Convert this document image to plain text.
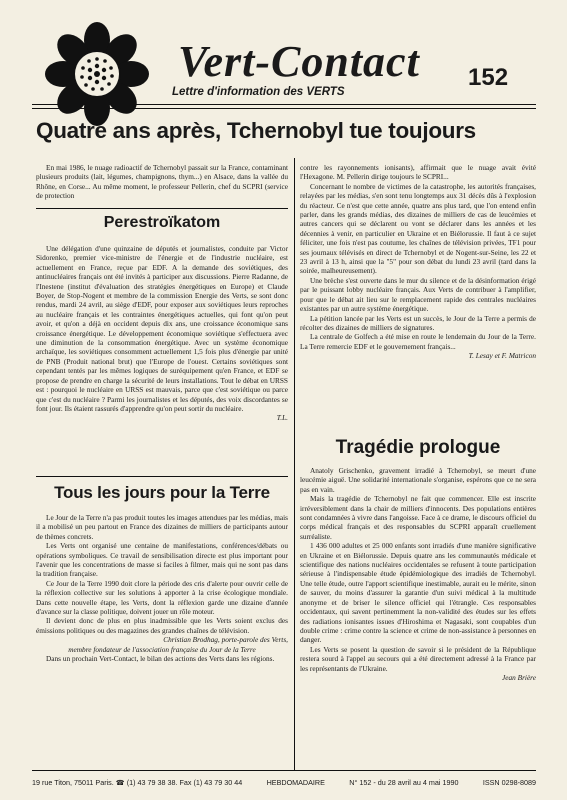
Vert-Contact
Lettre d'information des VERTS
152
Quatre ans après, Tchernobyl tue toujours

En mai 1986, le nuage radioactif de Tchernobyl passait sur la France, contaminant plusieurs produits (lait, légumes, champignons, thym...) en Alsace, dans la vallée du Rhône, en Corse... Au même moment, le professeur Pellerin, chef du SCPRI (service de protection

Perestroïkatom

Une délégation d'une quinzaine de députés et journalistes, conduite par Victor Sidorenko, premier vice-ministre de l'énergie et de l'industrie nucléaire, est actuellement en France, reçue par EDF. A la demande des soviétiques, des antinucléaires français ont été invités à participer aux discussions. Pierre Radanne, de l'Inestene (institut d'évaluation des stratégies énergétiques en Europe) et Claude Boyer, de Stop-Nogent et membre de la commission Energie des Verts, se sont donc rendus, mardi 24 avril, au siège d'EDF, pour exposer aux soviétiques leurs reproches au nucléaire français et les contraintes énergétiques actuelles, qui font qu'on peut avoir, et qu'on a déjà en occident depuis dix ans, une croissance économique sans croissance énergétique. Le développement économique soviétique s'effectuera avec une diminution de la consommation énergétique. Avec un système économique archaïque, les soviétiques consomment actuellement 1,5 fois plus d'énergie par unité de PNB (Produit national brut) que l'Europe de l'ouest. Certains soviétiques sont cependant tentés par les mêmes logiques de suréquipement qu'en France, et EDF se propose de prendre en charge la sécurité de leurs installations. Tout le débat en URSS est : pourquoi le nucléaire en URSS est mauvais, parce que c'est soviétique ou parce que c'est du nucléaire ? Parmi les journalistes et les députés, des voix discordantes se font jour. Ils étaient rassurés d'apprendre qu'on peut sortir du nucléaire.

T.L.
Tous les jours pour la Terre

Le Jour de la Terre n'a pas produit toutes les images attendues par les médias, mais il a mobilisé un peu partout en France des dizaines de milliers de participants autour de thèmes concrets.

Les Verts ont organisé une centaine de manifestations, conférences/débats ou opérations symboliques. Ce travail de sensibilisation directe est plus important pour l'avenir que les concentrations de masse si faciles à filmer, mais qui ne sont pas dans la tradition française.

Ce Jour de la Terre 1990 doit clore la période des cris d'alerte pour ouvrir celle de la réflexion collective sur les solutions à apporter à la crise écologique mondiale. Dans cette nouvelle étape, les Verts, dont la réflexion garde une dizaine d'année d'avance sur la classe politique, doivent jouer un rôle moteur.

Il devient donc de plus en plus inadmissible que les Verts soient exclus des émissions politiques ou des magazines des grandes chaînes de télévision.

Christian Brodhag, porte-parole des Verts,
membre fondateur de l'association française du Jour de la Terre

Dans un prochain Vert-Contact, le bilan des actions des Verts dans les régions.

contre les rayonnements ionisants), affirmait que le nuage avait évité l'Hexagone. M. Pellerin dirige toujours le SCPRI...

Concernant le nombre de victimes de la catastrophe, les autorités françaises, relayées par les médias, s'en sont tenu longtemps aux 31 décès dûs à l'explosion du réacteur. Ce n'est que cette année, quatre ans plus tard, que l'on entend enfin parler, dans les grands médias, des dizaines de milliers de cas de leucémies et autres cancers qui se déclarent ou vont se déclarer dans les années et les décennies à venir, en particulier en Ukraine et en Biélorussie. Il faut à ce sujet féliciter, une fois n'est pas coutume, les chaînes de télévision privées, TF1 pour ses journaux télévisés en direct de Tchernobyl et de Nogent-sur-Seine, les 22 et 23 avril à 13 h, ainsi que la "5" pour son débat du lundi 23 avril (tard dans la soirée, malheureusement).

Une brèche s'est ouverte dans le mur du silence et de la désinformation érigé par le puissant lobby nucléaire français. Aux Verts de contribuer à l'amplifier, pour que le débat ait lieu sur le remplacement rapide des centrales nucléaires existantes par un autre système énergétique.

La pétition lancée par les Verts est un succès, le Jour de la Terre a permis de récolter des dizaines de milliers de signatures.

La centrale de Golfech a été mise en route le lendemain du Jour de la Terre. La Terre remercie EDF et le gouvernement français...

T. Lesay et F. Matricon
Tragédie prologue

Anatoly Grischenko, gravement irradié à Tchernobyl, se meurt d'une leucémie aiguë. Une solidarité internationale s'organise, espérons que ce ne sera pas en vain.

Mais la tragédie de Tchernobyl ne fait que commencer. Elle est inscrite irréversiblement dans la chair de milliers d'innocents. Des populations entières sont condamnées à vivre dans l'angoisse. Face à ce drame, le discours officiel du corps médical français et des responsables du SCPRI apparaît cruellement surréaliste.

1 436 000 adultes et 25 000 enfants sont irradiés d'une manière significative en Ukraine et en Biélorussie. Depuis quatre ans les communautés médicale et scientifique des nations nucléaires occidentales se refusent à toute participation sérieuse à l'indispensable étude épidémiologique des irradiés de Tchernobyl. Une telle étude, outre l'apport scientifique inestimable, aurait eu le mérite, sinon de sauver, du moins d'assurer la garantie d'un suivi médical à la multitude anonyme et de briser le silence officiel qui l'étrangle. Ces responsables occidentaux, qui savent pertinemment la non-validité des études sur les effets des radiations ionisantes issues d'Hiroshima et Nagasaki, sont coupables d'un double crime : crime contre la science et crime de non-assistance à personnes en danger.

Les Verts se posent la question de savoir si le président de la République restera sourd à l'appel au secours qui a été directement adressé à la France par les représentants de l'Ukraine.

Jean Brière
19 rue Titon, 75011 Paris. ☎ (1) 43 79 38 38. Fax (1) 43 79 30 44	HEBDOMADAIRE	N° 152 - du 28 avril au 4 mai 1990	ISSN 0298-8089
